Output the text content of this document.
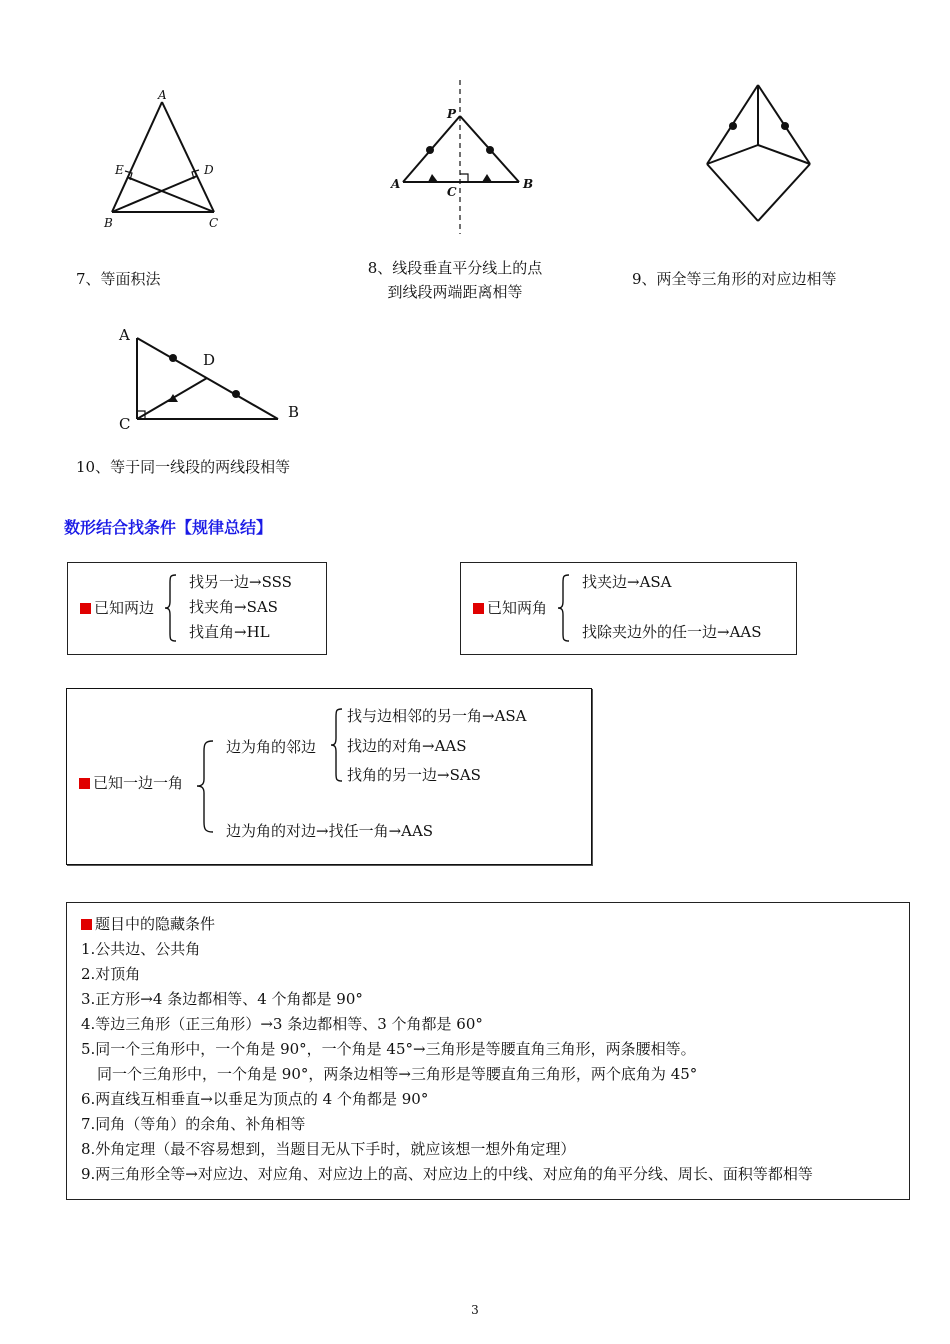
A
E	D
B	C
7、等面积法
P
A
C
B
8、线段垂直平分线上的点
到线段两端距离相等
9、两全等三角形的对应边相等
A
D
C
B
10、等于同一线段的两线段相等
数形结合找条件【规律总结】
已知两边
找另一边→SSS
找夹角→SAS
找直角→HL
已知两角
找夹边→ASA
找除夹边外的任一边→AAS
已知一边一角
边为角的邻边
找与边相邻的另一角→ASA
找边的对角→AAS
找角的另一边→SAS
边为角的对边→找任一角→AAS
题目中的隐藏条件
1.公共边、公共角
2.对顶角
3.正方形→4 条边都相等、4 个角都是 90°
4.等边三角形（正三角形）→3 条边都相等、3 个角都是 60°
5.同一个三角形中，一个角是 90°，一个角是 45°→三角形是等腰直角三角形，两条腰相等。
同一个三角形中，一个角是 90°，两条边相等→三角形是等腰直角三角形，两个底角为 45°
6.两直线互相垂直→以垂足为顶点的 4 个角都是 90°
7.同角（等角）的余角、补角相等
8.外角定理（最不容易想到，当题目无从下手时，就应该想一想外角定理）
9.两三角形全等→对应边、对应角、对应边上的高、对应边上的中线、对应角的角平分线、周长、面积等都相等
3
